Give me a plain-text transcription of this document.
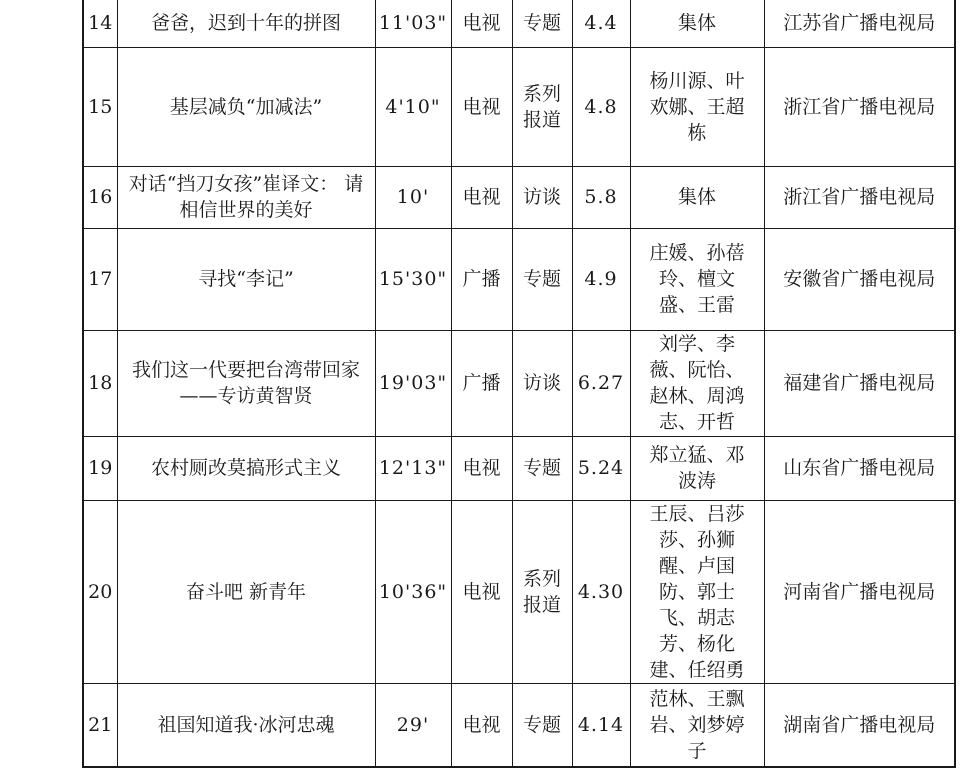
14	爸爸，迟到十年的拼图	11'03"	电视	专题	4.4	集体	江苏省广播电视局
15	基层减负“加减法”	4'10"	电视	系列报道	4.8	杨川源、叶欢娜、王超栋	浙江省广播电视局
16	对话“挡刀女孩”崔译文： 请相信世界的美好	10'	电视	访谈	5.8	集体	浙江省广播电视局
17	寻找“李记”	15'30"	广播	专题	4.9	庄媛、孙蓓玲、檀文盛、王雷	安徽省广播电视局
18	我们这一代要把台湾带回家 ——专访黄智贤	19'03"	广播	访谈	6.27	刘学、李薇、阮怡、赵林、周鸿志、开哲	福建省广播电视局
19	农村厕改莫搞形式主义	12'13"	电视	专题	5.24	郑立猛、邓波涛	山东省广播电视局
20	奋斗吧 新青年	10'36"	电视	系列报道	4.30	王辰、吕莎莎、孙狮醒、卢国防、郭士飞、胡志芳、杨化建、任绍勇	河南省广播电视局
21	祖国知道我·冰河忠魂	29'	电视	专题	4.14	范林、王飘岩、刘梦婷子	湖南省广播电视局
